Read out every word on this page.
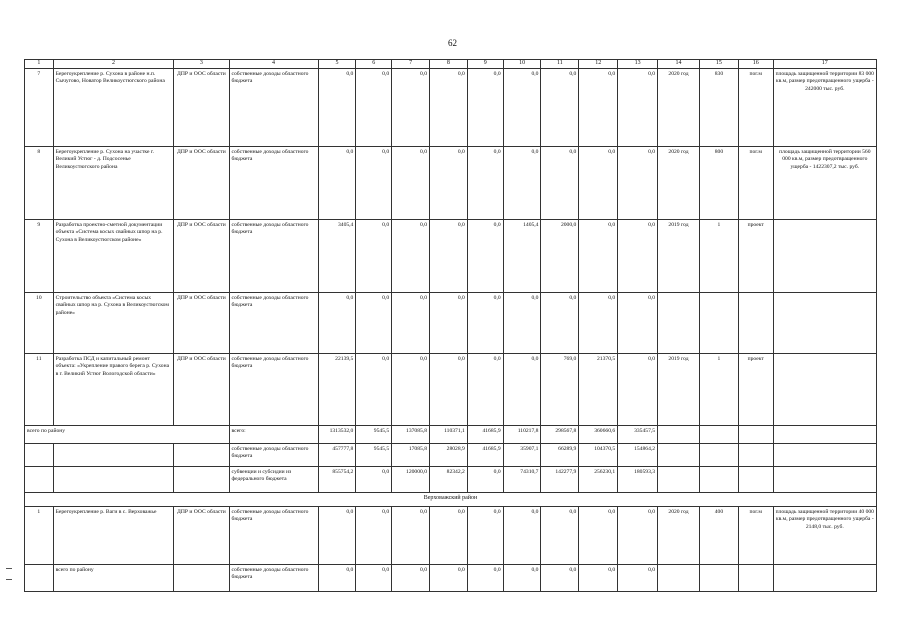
62
1	2	3	4	5	6	7	8	9	10	11	12	13	14	15	16	17
7	Берегоукрепление р. Сухона в районе н.п. Сычугово, Новатор Великоустюгского района	ДПР и ООС области	собственные доходы областного бюджета	0,0	0,0	0,0	0,0	0,0	0,0	0,0	0,0	0,0	2020 год	830	пог.м	площадь защищенной территории 83 000 кв.м, размер предотвращенного ущерба - 242000 тыс. руб.
8	Берегоукрепление р. Сухона на участке г. Великий Устюг - д. Подсосенье Великоустюгского района	ДПР и ООС области	собственные доходы областного бюджета	0,0	0,0	0,0	0,0	0,0	0,0	0,0	0,0	0,0	2020 год	800	пог.м	площадь защищенной территории 560 000 кв.м, размер предотвращенного ущерба - 1422307,2 тыс. руб.
9	Разработка проектно-сметной документации объекта «Система косых свайных шпор на р. Сухона в Великоустюгском районе»	ДПР и ООС области	собственные доходы областного бюджета	3405,4	0,0	0,0	0,0	0,0	1405,4	2000,0	0,0	0,0	2019 год	1	проект	
10	Строительство объекта «Система косых свайных шпор на р. Сухона в Великоустюгском районе»	ДПР и ООС области	собственные доходы областного бюджета	0,0	0,0	0,0	0,0	0,0	0,0	0,0	0,0	0,0				
11	Разработка ПСД и капитальный ремонт объекта: «Укрепление правого берега р. Сухона в г. Великий Устюг Вологодской области»	ДПР и ООС области	собственные доходы областного бюджета	22139,5	0,0	0,0	0,0	0,0	0,0	769,0	21370,5	0,0	2019 год	1	проект	
всего по району			всего:	1313532,0	9545,5	137085,8	110371,1	41685,9	110217,8	298567,8	360660,6	335457,5				
			собственные доходы областного бюджета	457777,8	9545,5	17085,8	28028,9	41685,9	35907,1	66289,9	104370,5	154864,2				
			субвенции и субсидии из федерального бюджета	855754,2	0,0	120000,0	82342,2	0,0	74310,7	142277,9	256230,1	180593,3				
Верховажский район																
1	Берегоукрепление р. Ваги в с. Верховажье	ДПР и ООС области	собственные доходы областного бюджета	0,0	0,0	0,0	0,0	0,0	0,0	0,0	0,0	0,0	2020 год	400	пог.м	площадь защищенной территории 40 000 кв.м, размер предотвращенного ущерба - 2148,0 тыс. руб.
	всего по району		собственные доходы областного бюджета	0,0	0,0	0,0	0,0	0,0	0,0	0,0	0,0	0,0				
